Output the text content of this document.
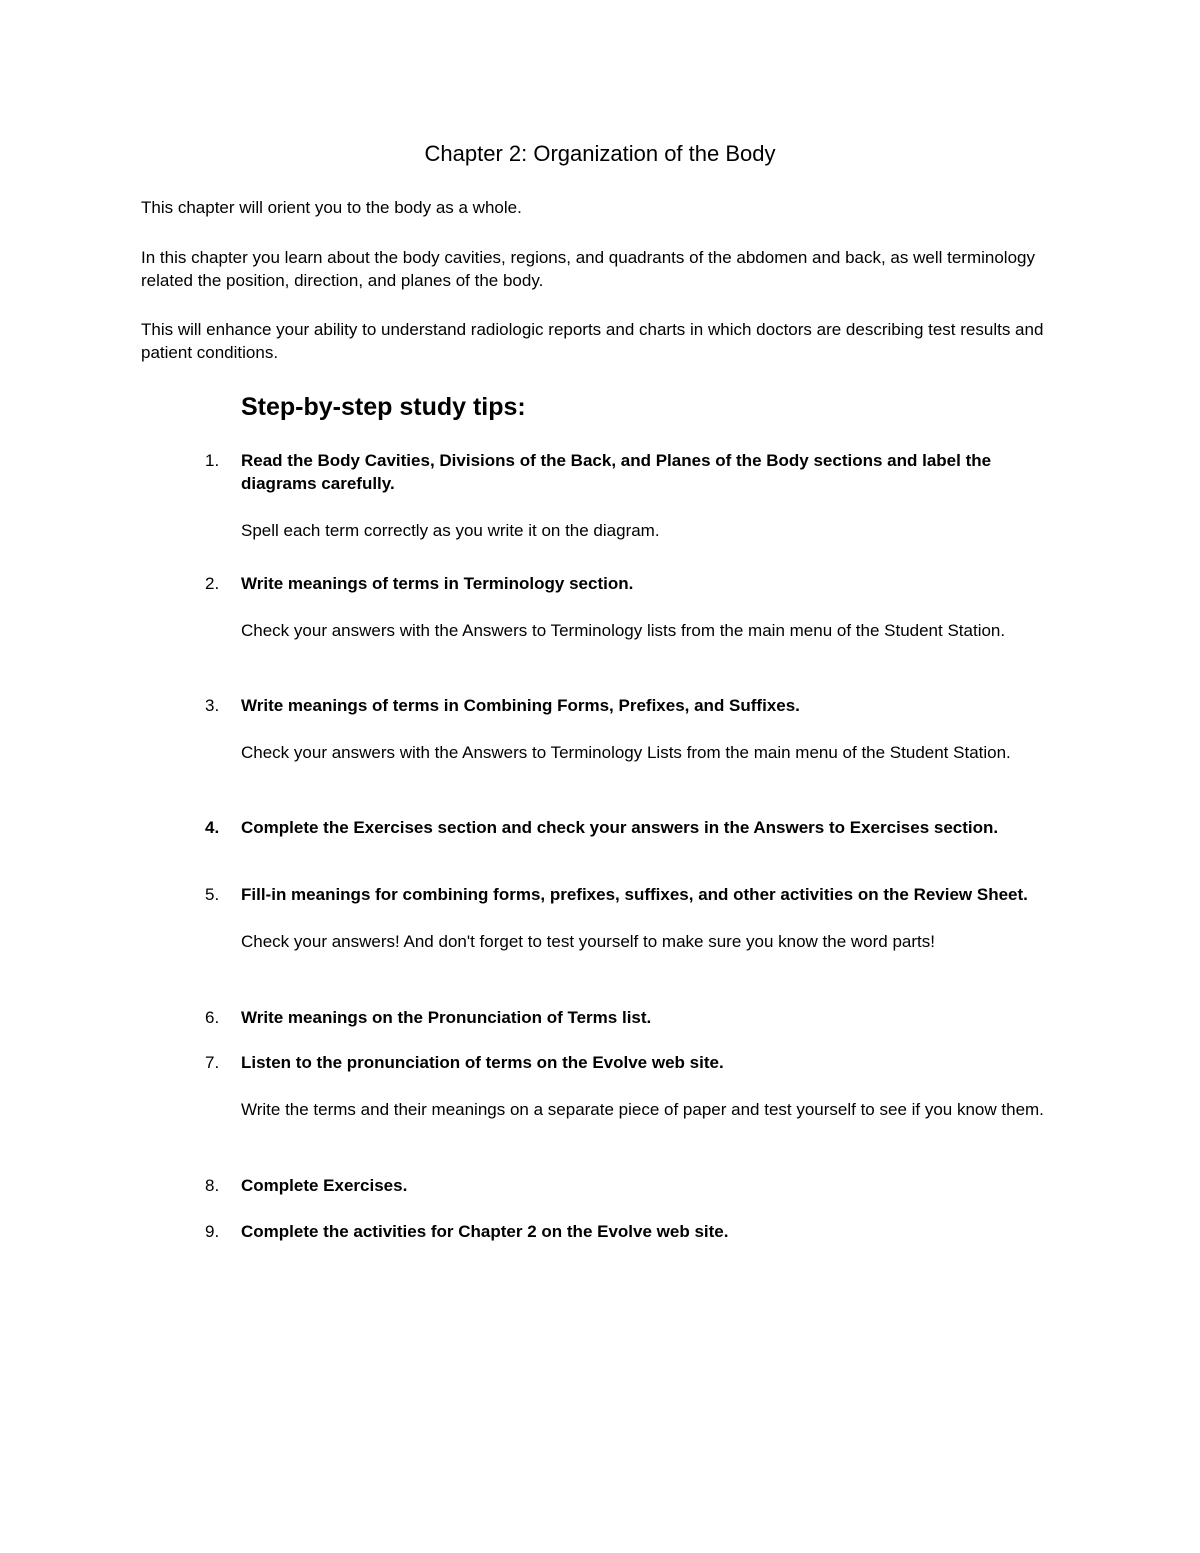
Chapter 2: Organization of the Body

This chapter will orient you to the body as a whole.

In this chapter you learn about the body cavities, regions, and quadrants of the abdomen and back, as well terminology related the position, direction, and planes of the body.

This will enhance your ability to understand radiologic reports and charts in which doctors are describing test results and patient conditions.

Step-by-step study tips:
1.	Read the Body Cavities, Divisions of the Back, and Planes of the Body sections and label the diagrams carefully.

Spell each term correctly as you write it on the diagram.

2.	Write meanings of terms in Terminology section.

Check your answers with the Answers to Terminology lists from the main menu of the Student Station.

3.	Write meanings of terms in Combining Forms, Prefixes, and Suffixes.

Check your answers with the Answers to Terminology Lists from the main menu of the Student Station.

4.	Complete the Exercises section and check your answers in the Answers to Exercises section.

5.	Fill-in meanings for combining forms, prefixes, suffixes, and other activities on the Review Sheet.

Check your answers! And don't forget to test yourself to make sure you know the word parts!

6.	Write meanings on the Pronunciation of Terms list.

7.	Listen to the pronunciation of terms on the Evolve web site.

Write the terms and their meanings on a separate piece of paper and test yourself to see if you know them.

8.	Complete Exercises.

9.	Complete the activities for Chapter 2 on the Evolve web site.
